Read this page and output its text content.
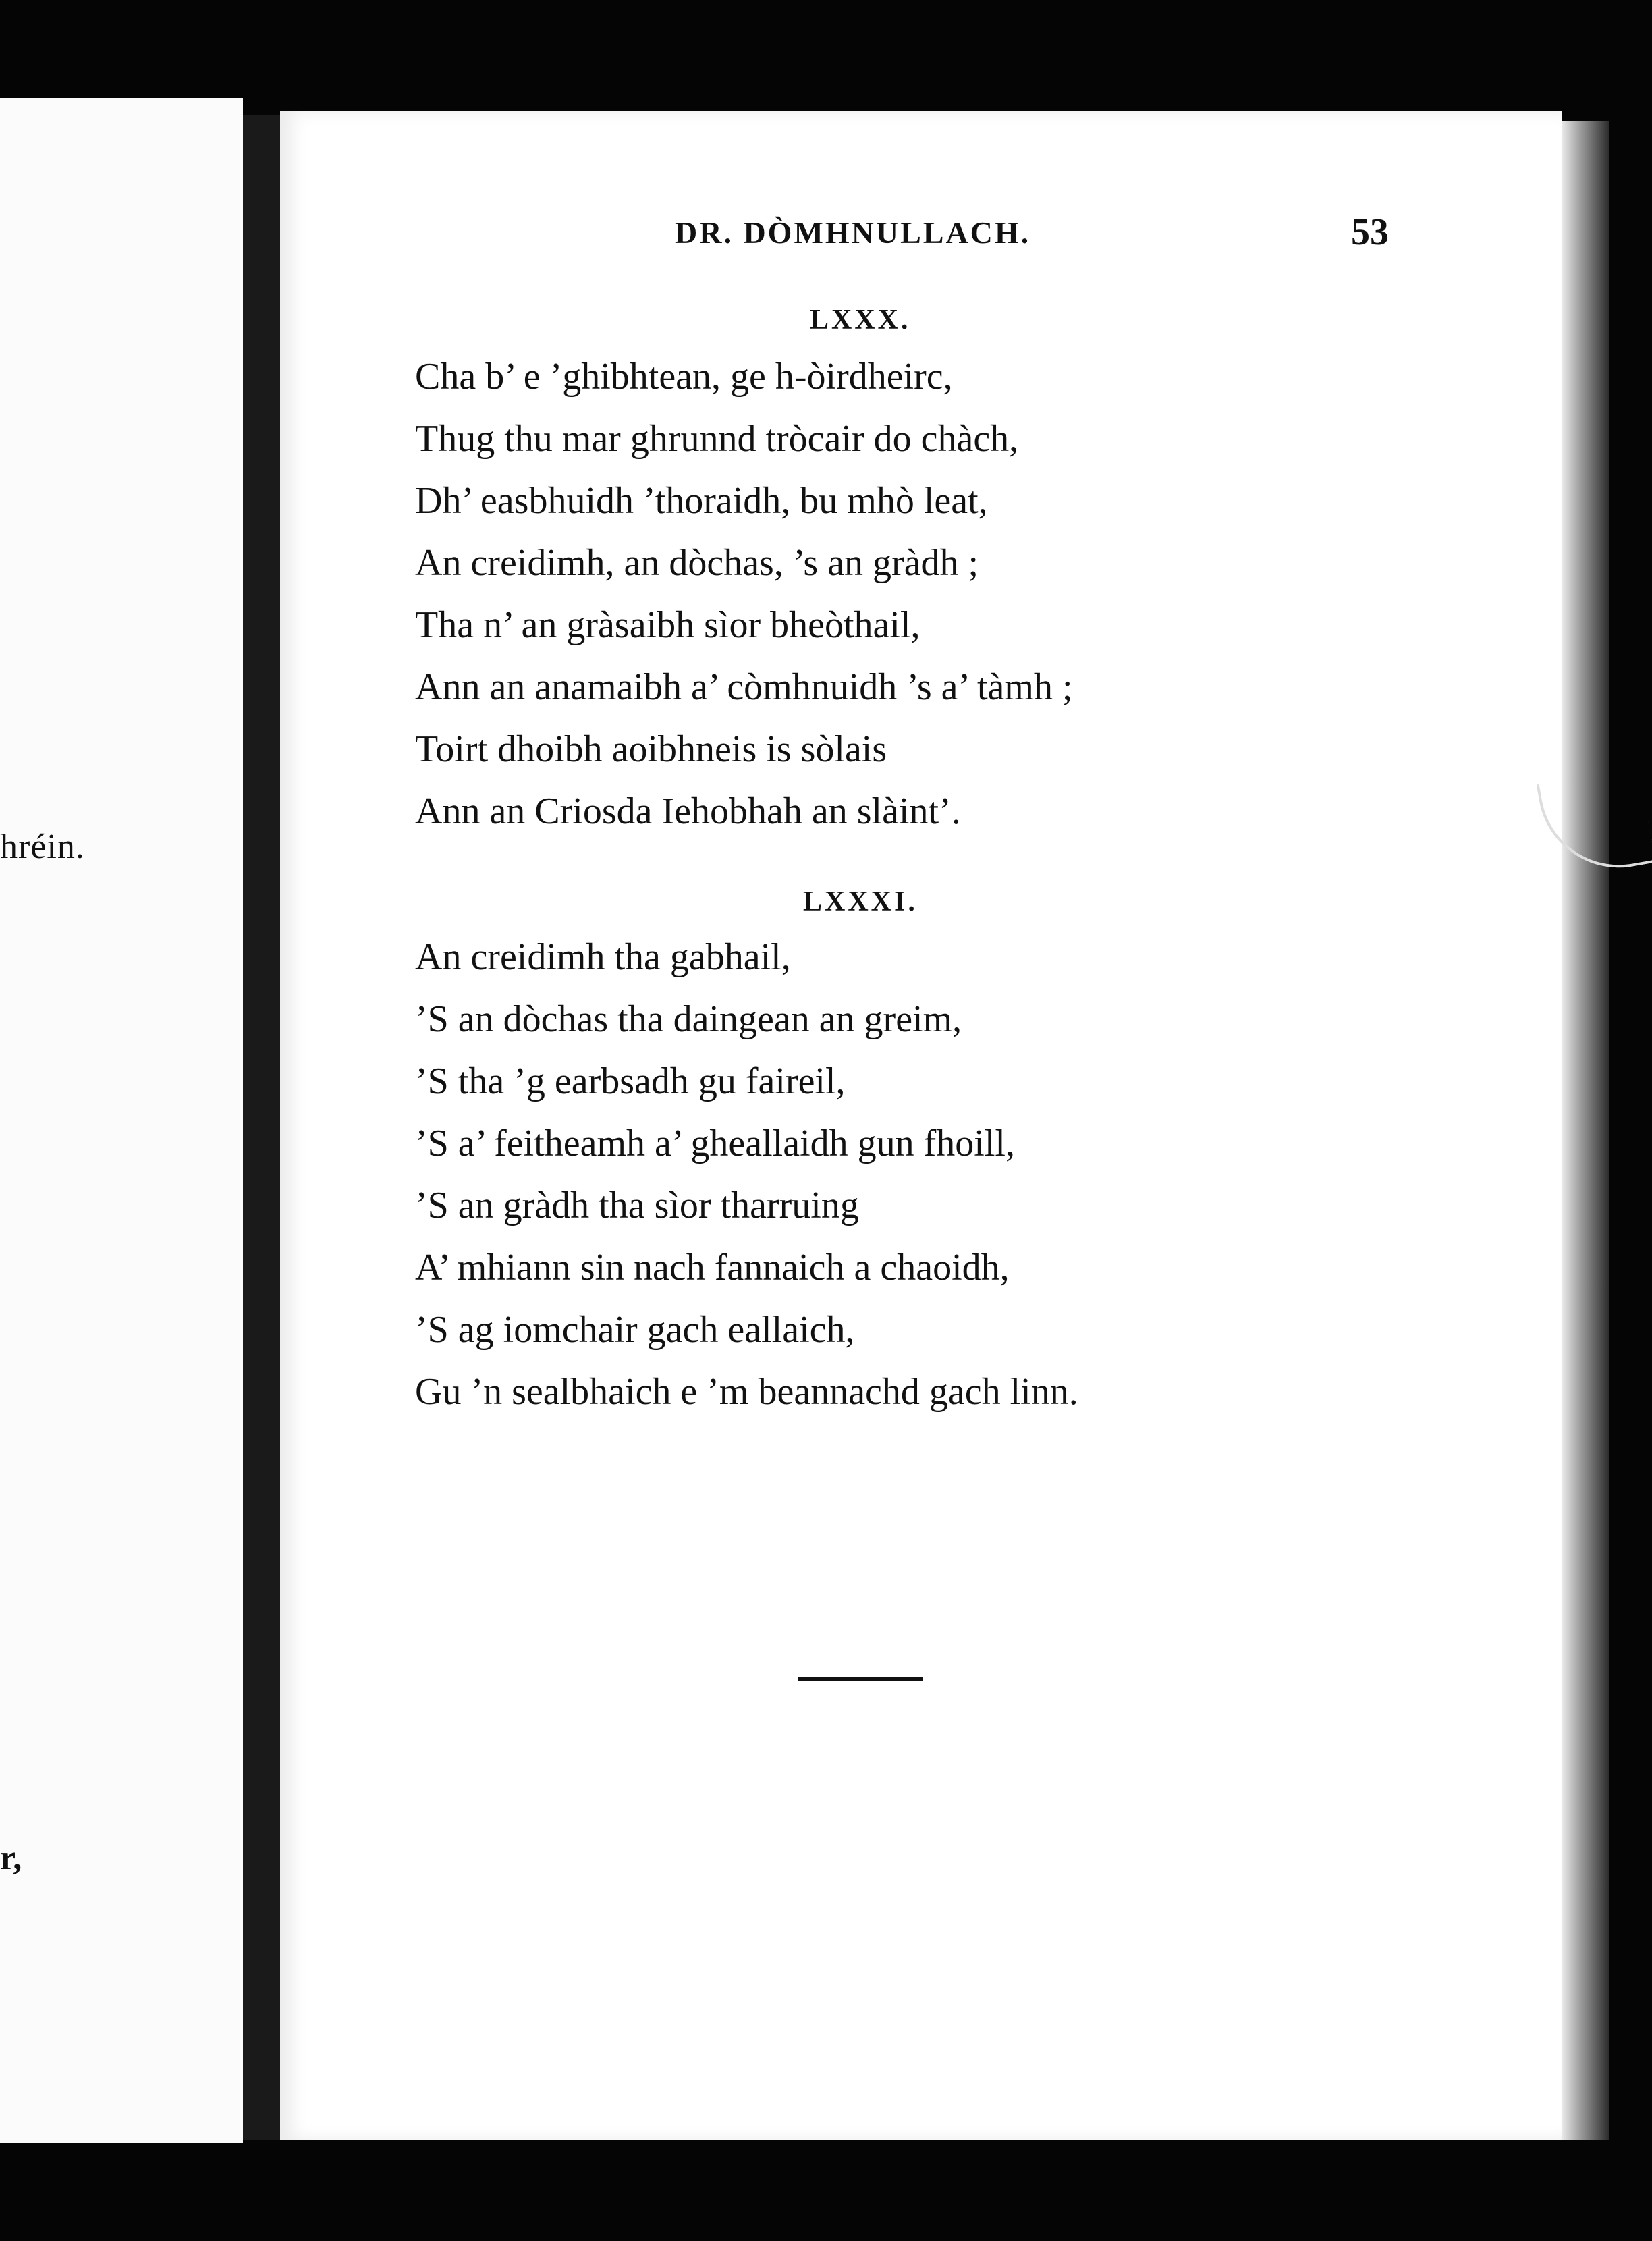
hréin.
r,
DR. DÒMHNULLACH.	53
LXXX.
Cha b’ e ’ghibhtean, ge h-òirdheirc,
Thug thu mar ghrunnd tròcair do chàch,
Dh’ easbhuidh ’thoraidh, bu mhò leat,
An creidimh, an dòchas, ’s an gràdh ;
Tha n’ an gràsaibh sìor bheòthail,
Ann an anamaibh a’ còmhnuidh ’s a’ tàmh ;
Toirt dhoibh aoibhneis is sòlais
Ann an Criosda Iehobhah an slàint’.
LXXXI.
An creidimh tha gabhail,
’S an dòchas tha daingean an greim,
’S tha ’g earbsadh gu faireil,
’S a’ feitheamh a’ gheallaidh gun fhoill,
’S an gràdh tha sìor tharruing
A’ mhiann sin nach fannaich a chaoidh,
’S ag iomchair gach eallaich,
Gu ’n sealbhaich e ’m beannachd gach linn.
